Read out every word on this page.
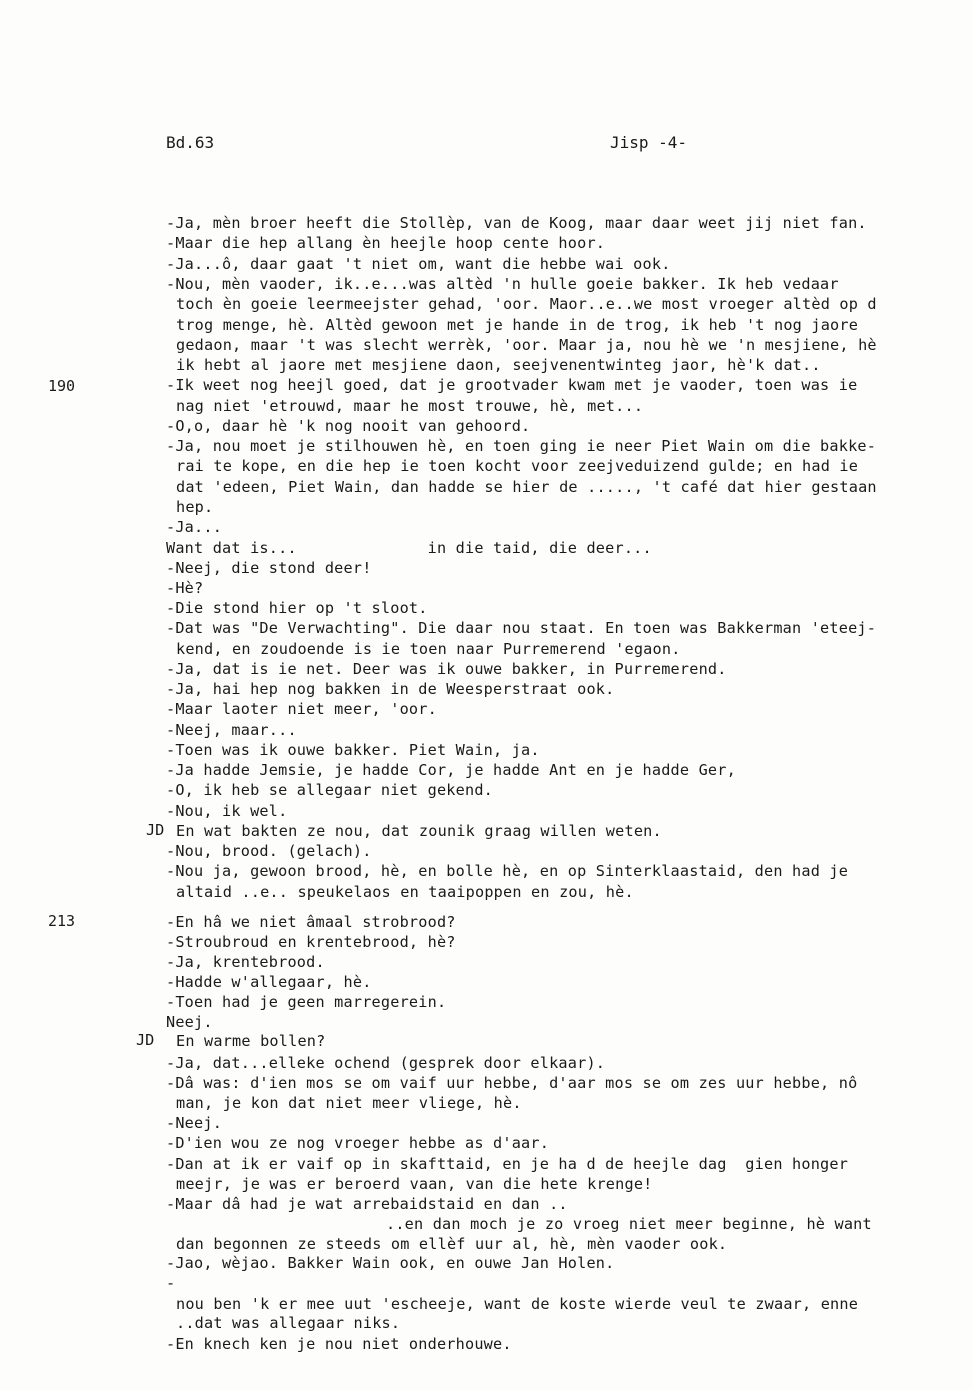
Bd.63	Jisp -4-
190
213
JD
JD
-Ja, mèn broer heeft die Stollèp, van de Koog, maar daar weet jij niet fan.
-Maar die hep allang èn heejle hoop cente hoor.
-Ja...ô, daar gaat 't niet om, want die hebbe wai ook.
-Nou, mèn vaoder, ik..e...was altèd 'n hulle goeie bakker. Ik heb vedaar
toch èn goeie leermeejster gehad, 'oor. Maor..e..we most vroeger altèd op d
trog menge, hè. Altèd gewoon met je hande in de trog, ik heb 't nog jaore
gedaon, maar 't was slecht werrèk, 'oor. Maar ja, nou hè we 'n mesjiene, hè
ik hebt al jaore met mesjiene daon, seejvenentwinteg jaor, hè'k dat..
-Ik weet nog heejl goed, dat je grootvader kwam met je vaoder, toen was ie
nag niet 'etrouwd, maar he most trouwe, hè, met...
-O,o, daar hè 'k nog nooit van gehoord.
-Ja, nou moet je stilhouwen hè, en toen ging ie neer Piet Wain om die bakke-
rai te kope, en die hep ie toen kocht voor zeejveduizend gulde; en had ie
dat 'edeen, Piet Wain, dan hadde se hier de ....., 't café dat hier gestaan
hep.
-Ja...
Want dat is...              in die taid, die deer...
-Neej, die stond deer!
-Hè?
-Die stond hier op 't sloot.
-Dat was "De Verwachting". Die daar nou staat. En toen was Bakkerman 'eteej-
kend, en zoudoende is ie toen naar Purremerend 'egaon.
-Ja, dat is ie net. Deer was ik ouwe bakker, in Purremerend.
-Ja, hai hep nog bakken in de Weesperstraat ook.
-Maar laoter niet meer, 'oor.
-Neej, maar...
-Toen was ik ouwe bakker. Piet Wain, ja.
-Ja hadde Jemsie, je hadde Cor, je hadde Ant en je hadde Ger,
-O, ik heb se allegaar niet gekend.
-Nou, ik wel.
En wat bakten ze nou, dat zounik graag willen weten.
-Nou, brood. (gelach).
-Nou ja, gewoon brood, hè, en bolle hè, en op Sinterklaastaid, den had je
altaid ..e.. speukelaos en taaipoppen en zou, hè.
-En hâ we niet âmaal strobrood?
-Stroubroud en krentebrood, hè?
-Ja, krentebrood.
-Hadde w'allegaar, hè.
-Toen had je geen marregerein.
Neej.
En warme bollen?
-Ja, dat...elleke ochend (gesprek door elkaar).
-Dâ was: d'ien mos se om vaif uur hebbe, d'aar mos se om zes uur hebbe, nô
man, je kon dat niet meer vliege, hè.
-Neej.
-D'ien wou ze nog vroeger hebbe as d'aar.
-Dan at ik er vaif op in skafttaid, en je ha d de heejle dag  gien honger
meejr, je was er beroerd vaan, van die hete krenge!
-Maar dâ had je wat arrebaidstaid en dan ..
..en dan moch je zo vroeg niet meer beginne, hè want
dan begonnen ze steeds om ellèf uur al, hè, mèn vaoder ook.
-Jao, wèjao. Bakker Wain ook, en ouwe Jan Holen.
-
nou ben 'k er mee uut 'escheeje, want de koste wierde veul te zwaar, enne
..dat was allegaar niks.
-En knech ken je nou niet onderhouwe.
